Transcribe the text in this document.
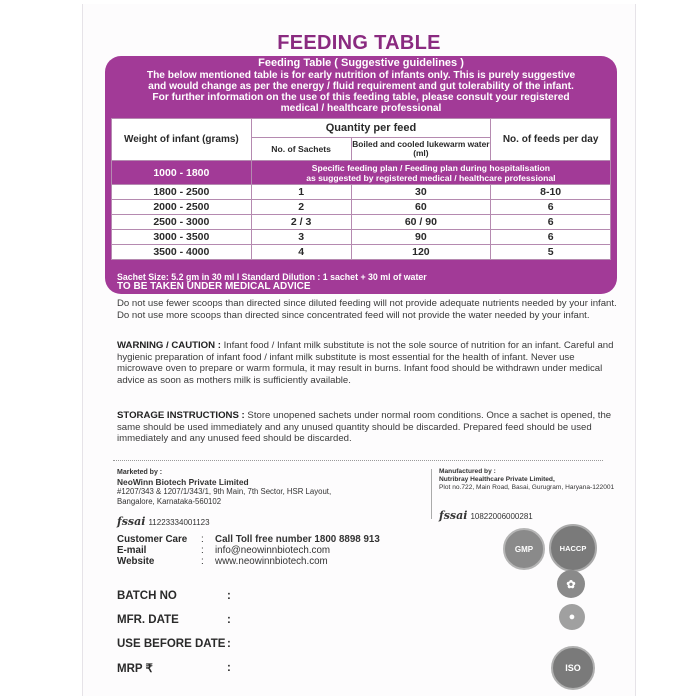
FEEDING TABLE
Feeding Table ( Suggestive guidelines )
The below mentioned table is for early nutrition of infants only. This is purely suggestive
and would change as per the energy / fluid requirement and gut tolerability of the infant.
For further information on the use of this feeding table, please consult your registered
medical / healthcare professional
Weight of infant (grams)	Quantity per feed		No. of feeds per day
	No. of Sachets	Boiled and cooled lukewarm water (ml)	
1000 - 1800	Specific feeding plan / Feeding plan during hospitalisation
as suggested by registered medical / healthcare professional		

1800 - 2500	1	30	8-10
2000 - 2500	2	60	6
2500 - 3000	2 / 3	60 / 90	6
3000 - 3500	3	90	6
3500 - 4000	4	120	5
Sachet Size: 5.2 gm in 30 ml I Standard Dilution : 1 sachet + 30 ml of water
TO BE TAKEN UNDER MEDICAL ADVICE
Do not use fewer scoops than directed since diluted feeding will not provide adequate nutrients needed by your infant. Do not use more scoops than directed since concentrated feed will not provide the water needed by your infant.
WARNING / CAUTION : Infant food / Infant milk substitute is not the sole source of nutrition for an infant. Careful and hygienic preparation of infant food / infant milk substitute is most essential for the health of infant. Never use microwave oven to prepare or warm formula, it may result in burns. Infant food should be withdrawn under medical advice as soon as mothers milk is sufficiently available.
STORAGE INSTRUCTIONS : Store unopened sachets under normal room conditions. Once a sachet is opened, the same should be used immediately and any unused quantity should be discarded. Prepared feed should be used immediately and any unused feed should be discarded.
Marketed by :
NeoWinn Biotech Private Limited
#1207/343 & 1207/1/343/1, 9th Main, 7th Sector, HSR Layout,
Bangalore, Karnataka-560102
fssai 11223334001123
Manufactured by :
Nutribray Healthcare Private Limited,
Plot no.722, Main Road, Basai, Gurugram, Haryana-122001
fssai 10822006000281
Customer Care	:	Call Toll free number 1800 8898 913
E-mail	:	info@neowinnbiotech.com
Website	:	www.neowinnbiotech.com
BATCH NO	:
MFR. DATE	:
USE BEFORE DATE :
MRP ₹	:
GMP	HACCP
✿
●
ISO
